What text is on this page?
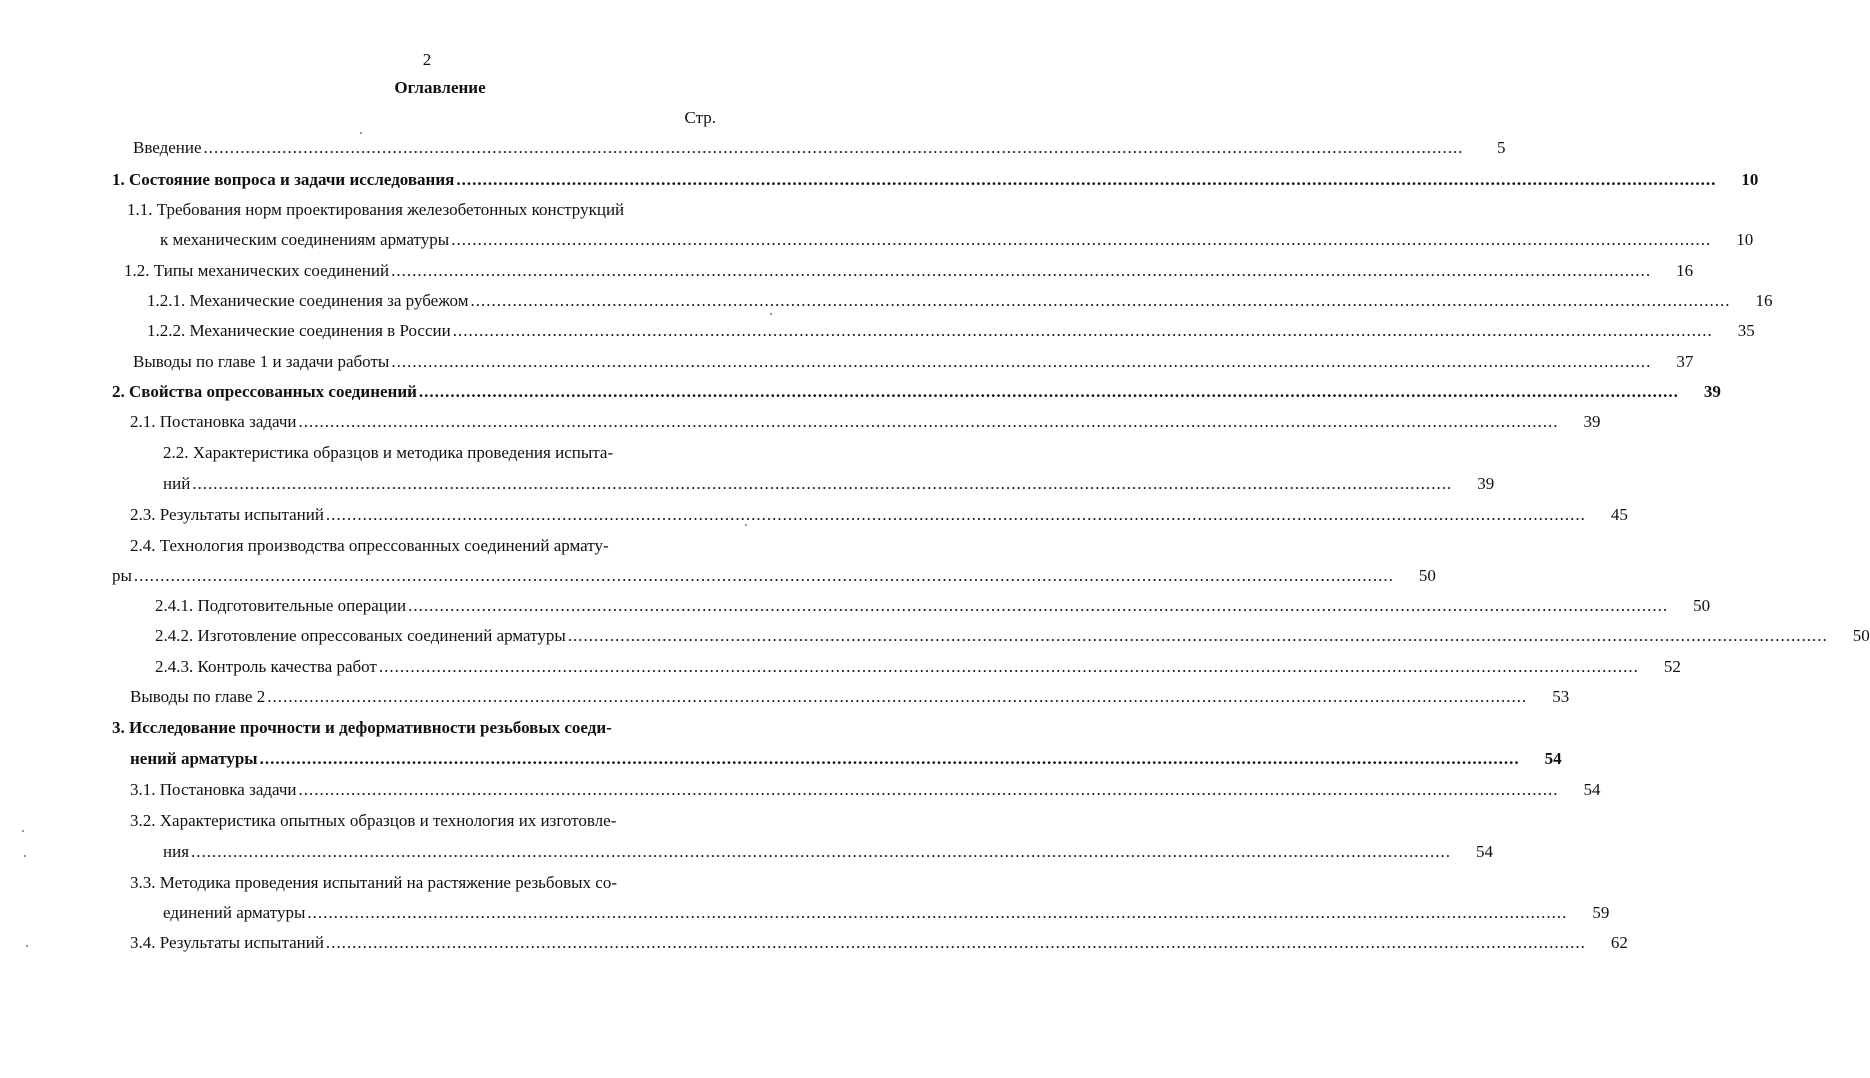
2
Оглавление
Стр.
Введение .....	5
1. Состояние вопроса и задачи исследования .....	10
1.1. Требования норм проектирования железобетонных конструкций
к механическим соединениям арматуры .....	10
1.2. Типы механических соединений .....	16
1.2.1. Механические соединения за рубежом .....	16
1.2.2. Механические соединения в России .....	35
Выводы по главе 1 и задачи работы .....	37
2. Свойства опрессованных соединений .....	39
2.1. Постановка задачи .....	39
2.2. Характеристика образцов и методика проведения испыта-
ний .....	39
2.3. Результаты испытаний .....	45
2.4. Технология производства опрессованных соединений армату-
ры .....	50
2.4.1. Подготовительные операции .....	50
2.4.2. Изготовление опрессованых соединений арматуры .....	50
2.4.3. Контроль качества работ .....	52
Выводы по главе 2 .....	53
3. Исследование прочности и деформативности резьбовых соеди-
нений арматуры .....	54
3.1. Постановка задачи .....	54
3.2. Характеристика опытных образцов и технология их изготовле-
ния .....	54
3.3. Методика проведения испытаний на растяжение резьбовых со-
единений арматуры .....	59
3.4. Результаты испытаний .....	62
